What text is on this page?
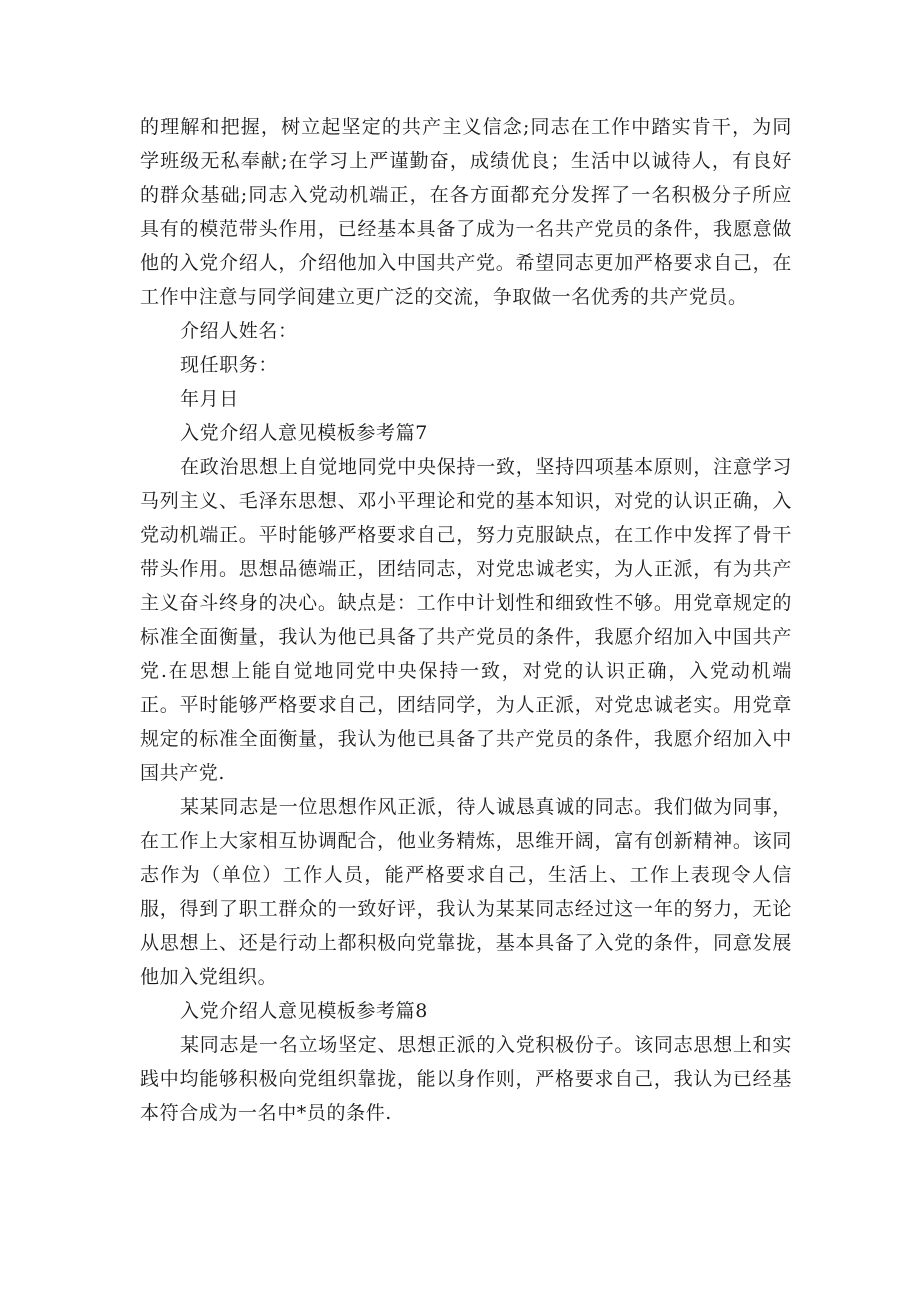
的理解和把握，树立起坚定的共产主义信念;同志在工作中踏实肯干，为同学班级无私奉献;在学习上严谨勤奋，成绩优良；生活中以诚待人，有良好的群众基础;同志入党动机端正，在各方面都充分发挥了一名积极分子所应具有的模范带头作用，已经基本具备了成为一名共产党员的条件，我愿意做他的入党介绍人，介绍他加入中国共产党。希望同志更加严格要求自己，在工作中注意与同学间建立更广泛的交流，争取做一名优秀的共产党员。

介绍人姓名：

现任职务：

年月日

入党介绍人意见模板参考篇7

在政治思想上自觉地同党中央保持一致，坚持四项基本原则，注意学习马列主义、毛泽东思想、邓小平理论和党的基本知识，对党的认识正确，入党动机端正。平时能够严格要求自己，努力克服缺点，在工作中发挥了骨干带头作用。思想品德端正，团结同志，对党忠诚老实，为人正派，有为共产主义奋斗终身的决心。缺点是：工作中计划性和细致性不够。用党章规定的标准全面衡量，我认为他已具备了共产党员的条件，我愿介绍加入中国共产党.在思想上能自觉地同党中央保持一致，对党的认识正确，入党动机端正。平时能够严格要求自己，团结同学，为人正派，对党忠诚老实。用党章规定的标准全面衡量，我认为他已具备了共产党员的条件，我愿介绍加入中国共产党.

某某同志是一位思想作风正派，待人诚恳真诚的同志。我们做为同事，在工作上大家相互协调配合，他业务精炼，思维开阔，富有创新精神。该同志作为（单位）工作人员，能严格要求自己，生活上、工作上表现令人信服，得到了职工群众的一致好评，我认为某某同志经过这一年的努力，无论从思想上、还是行动上都积极向党靠拢，基本具备了入党的条件，同意发展他加入党组织。

入党介绍人意见模板参考篇8

某同志是一名立场坚定、思想正派的入党积极份子。该同志思想上和实践中均能够积极向党组织靠拢，能以身作则，严格要求自己，我认为已经基本符合成为一名中*员的条件.
